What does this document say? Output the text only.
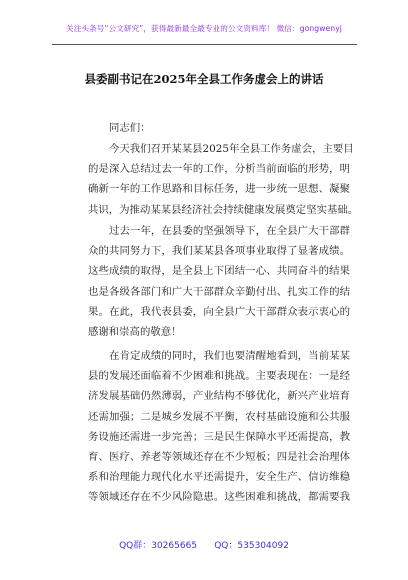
关注头条号“公文研究”，获得最新最全最专业的公文资料库！ 微信：gongwenyj
县委副书记在2025年全县工作务虚会上的讲话
同志们：
今天我们召开某某县2025年全县工作务虚会，主要目
的是深入总结过去一年的工作，分析当前面临的形势，明
确新一年的工作思路和目标任务，进一步统一思想、凝聚
共识，为推动某某县经济社会持续健康发展奠定坚实基础。
过去一年，在县委的坚强领导下，在全县广大干部群
众的共同努力下，我们某某县各项事业取得了显著成绩。
这些成绩的取得，是全县上下团结一心、共同奋斗的结果
也是各级各部门和广大干部群众辛勤付出、扎实工作的结
果。在此，我代表县委，向全县广大干部群众表示衷心的
感谢和崇高的敬意！
在肯定成绩的同时，我们也要清醒地看到，当前某某
县的发展还面临着不少困难和挑战。主要表现在：一是经
济发展基础仍然薄弱，产业结构不够优化，新兴产业培育
还需加强；二是城乡发展不平衡，农村基础设施和公共服
务设施还需进一步完善；三是民生保障水平还需提高，教
育、医疗、养老等领域还存在不少短板；四是社会治理体
系和治理能力现代化水平还需提升，安全生产、信访维稳
等领域还存在不少风险隐患。这些困难和挑战，都需要我
QQ群：30265665 QQ：535304092
